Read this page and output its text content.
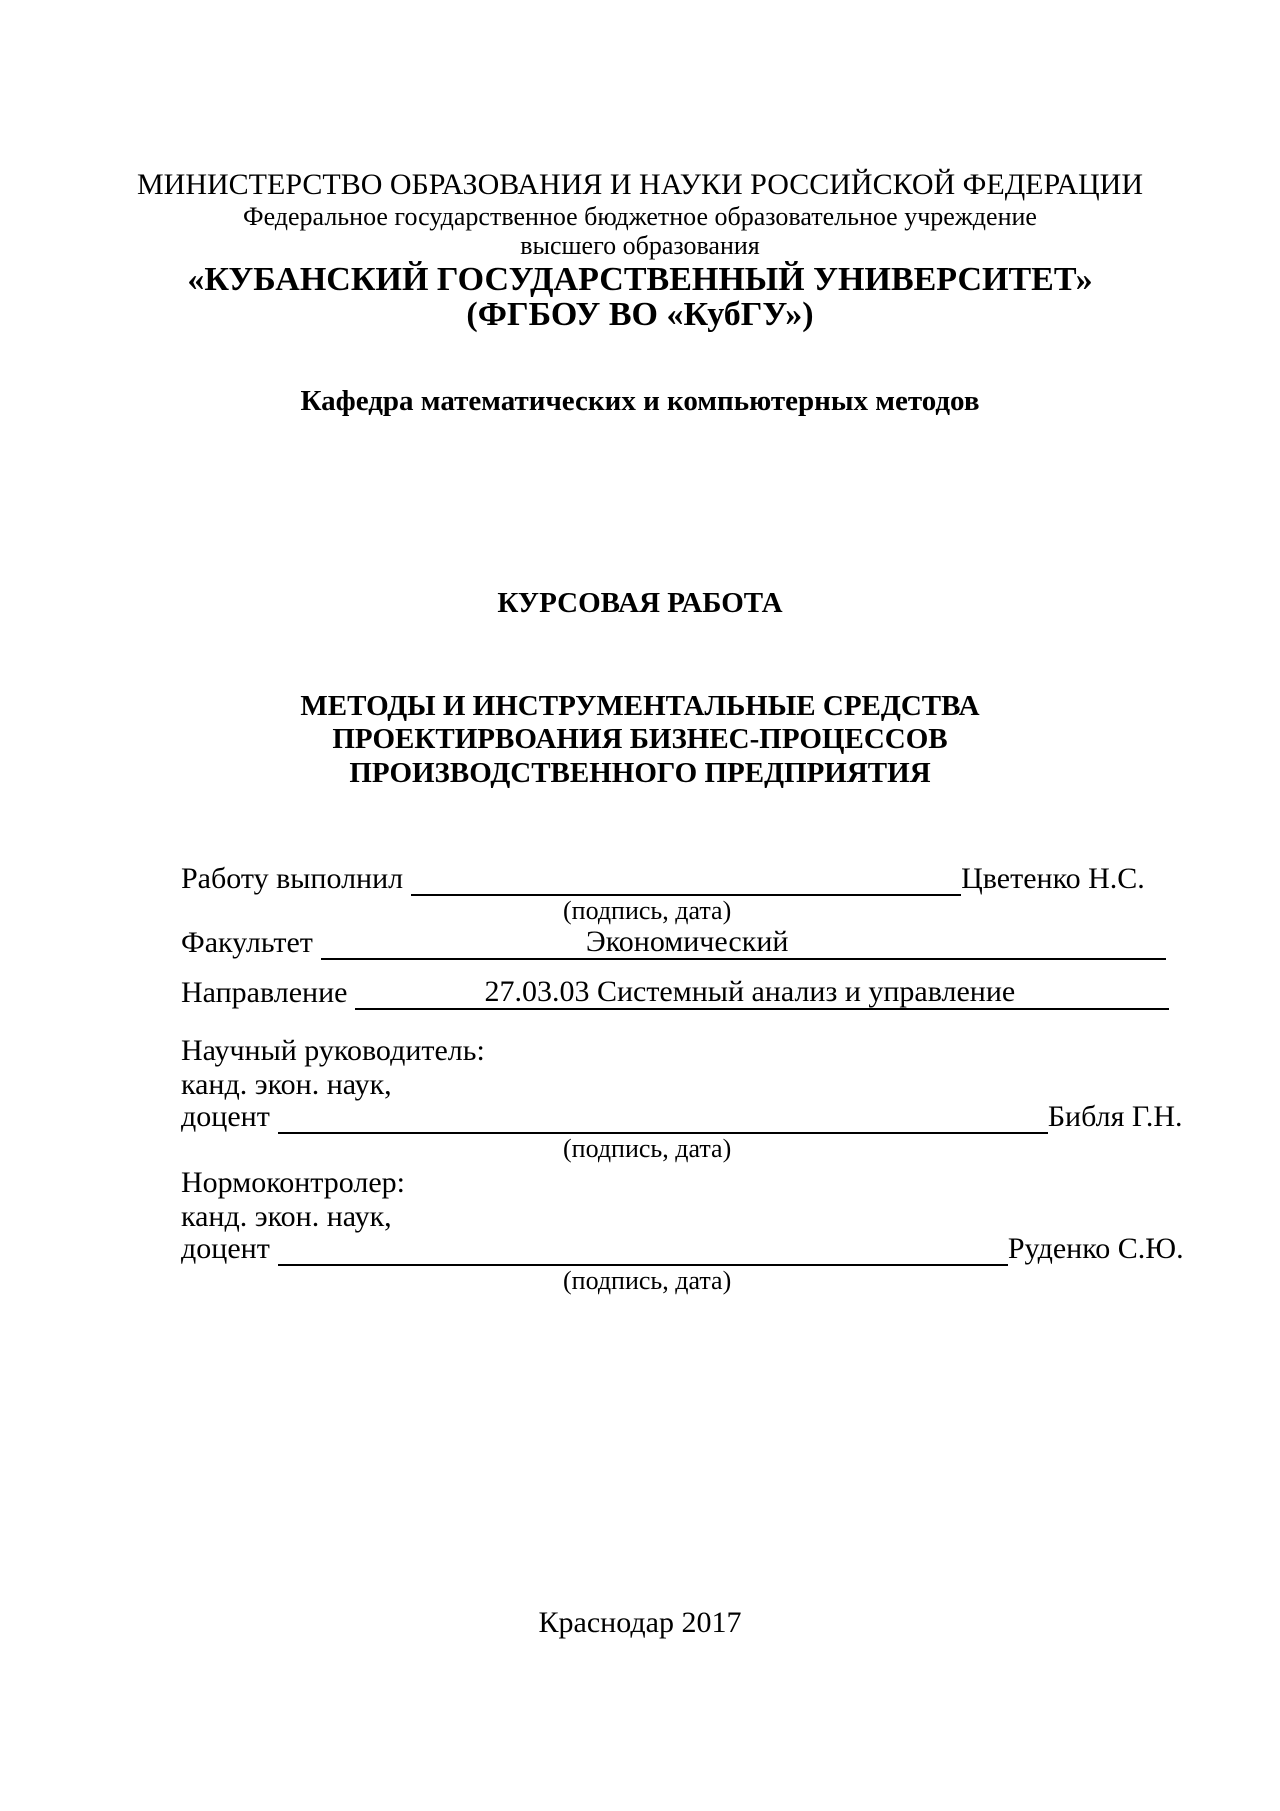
МИНИСТЕРСТВО ОБРАЗОВАНИЯ И НАУКИ РОССИЙСКОЙ ФЕДЕРАЦИИ
Федеральное государственное бюджетное образовательное учреждение
высшего образования
«КУБАНСКИЙ ГОСУДАРСТВЕННЫЙ УНИВЕРСИТЕТ»
(ФГБОУ ВО «КубГУ»)
Кафедра математических и компьютерных методов
КУРСОВАЯ РАБОТА
МЕТОДЫ И ИНСТРУМЕНТАЛЬНЫЕ СРЕДСТВА
ПРОЕКТИРВОАНИЯ БИЗНЕС-ПРОЦЕССОВ
ПРОИЗВОДСТВЕННОГО ПРЕДПРИЯТИЯ
Работу выполнил	Цветенко Н.С.
(подпись, дата)
Факультет	Экономический
Направление	27.03.03 Системный анализ и управление
Научный руководитель:
канд. экон. наук,
доцент	Библя Г.Н.
(подпись, дата)
Нормоконтролер:
канд. экон. наук,
доцент	Руденко С.Ю.
(подпись, дата)
Краснодар 2017
